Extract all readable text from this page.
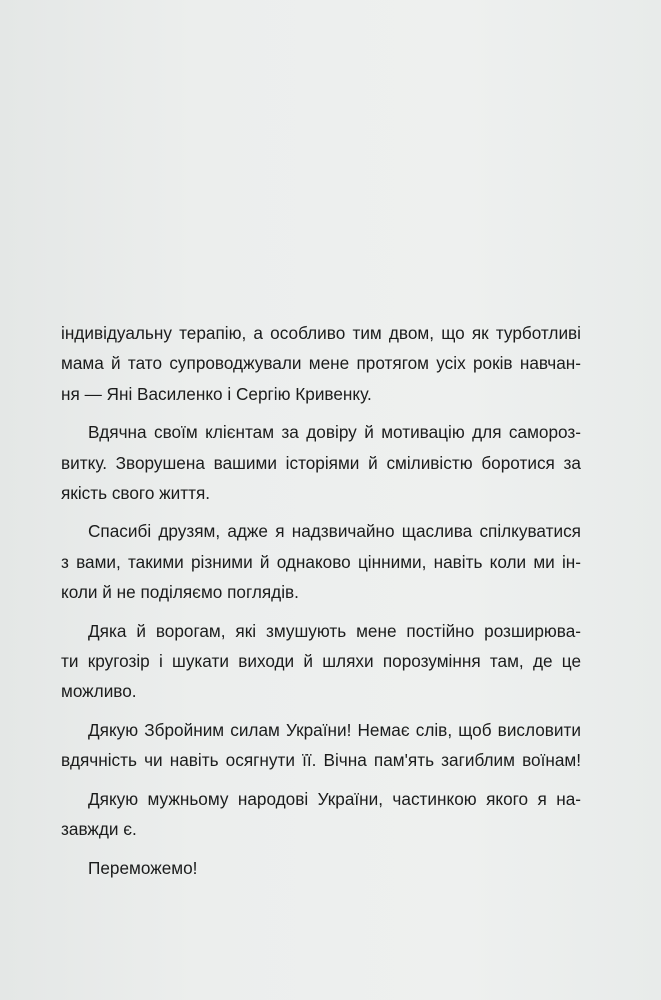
індивідуальну терапію, а особливо тим двом, що як турботливі
мама й тато супроводжували мене протягом усіх років навчан-
ня — Яні Василенко і Сергію Кривенку.
Вдячна своїм клієнтам за довіру й мотивацію для самороз-
витку. Зворушена вашими історіями й сміливістю боротися за
якість свого життя.
Спасибі друзям, адже я надзвичайно щаслива спілкуватися
з вами, такими різними й однаково цінними, навіть коли ми ін-
коли й не поділяємо поглядів.
Дяка й ворогам, які змушують мене постійно розширюва-
ти кругозір і шукати виходи й шляхи порозуміння там, де це
можливо.
Дякую Збройним силам України! Немає слів, щоб висловити
вдячність чи навіть осягнути її. Вічна пам'ять загиблим воїнам!
Дякую мужньому народові України, частинкою якого я на-
завжди є.
Переможемо!
